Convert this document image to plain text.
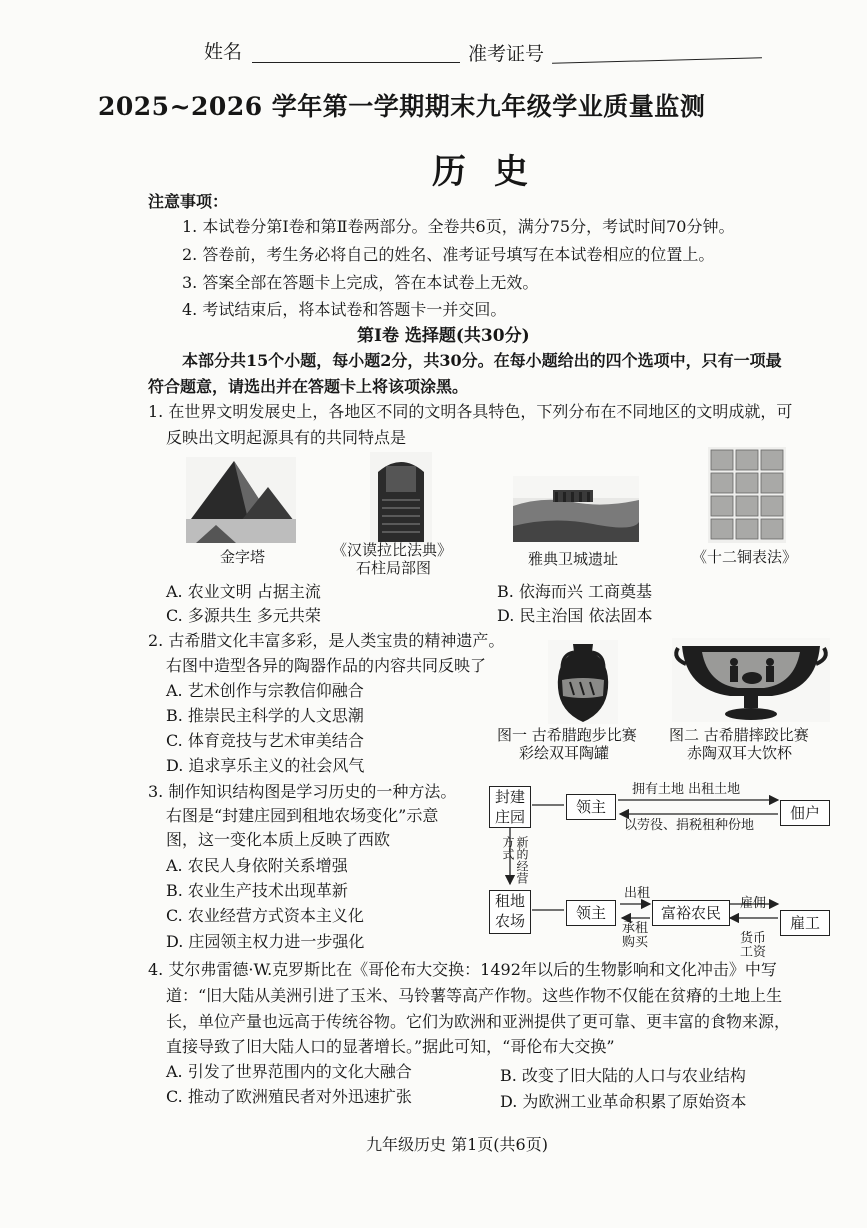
姓名	准考证号
2025~2026 学年第一学期期末九年级学业质量监测
历史
注意事项：
1. 本试卷分第Ⅰ卷和第Ⅱ卷两部分。全卷共6页，满分75分，考试时间70分钟。
2. 答卷前，考生务必将自己的姓名、准考证号填写在本试卷相应的位置上。
3. 答案全部在答题卡上完成，答在本试卷上无效。
4. 考试结束后，将本试卷和答题卡一并交回。
第Ⅰ卷 选择题(共30分)
本部分共15个小题，每小题2分，共30分。在每小题给出的四个选项中，只有一项最
符合题意，请选出并在答题卡上将该项涂黑。
1. 在世界文明发展史上，各地区不同的文明各具特色，下列分布在不同地区的文明成就，可
反映出文明起源具有的共同特点是
金字塔	《汉谟拉比法典》
石柱局部图	雅典卫城遗址	《十二铜表法》
A. 农业文明 占据主流	B. 依海而兴 工商奠基
C. 多源共生 多元共荣	D. 民主治国 依法固本
2. 古希腊文化丰富多彩，是人类宝贵的精神遗产。
右图中造型各异的陶器作品的内容共同反映了
A. 艺术创作与宗教信仰融合
B. 推崇民主科学的人文思潮
C. 体育竞技与艺术审美结合
D. 追求享乐主义的社会风气
图一 古希腊跑步比赛
彩绘双耳陶罐
图二 古希腊摔跤比赛
赤陶双耳大饮杯
3. 制作知识结构图是学习历史的一种方法。
右图是“封建庄园到租地农场变化”示意
图，这一变化本质上反映了西欧
A. 农民人身依附关系增强
B. 农业生产技术出现革新
C. 农业经营方式资本主义化
D. 庄园领主权力进一步强化
封建庄园
领主	佃户
拥有土地 出租土地
以劳役、捐税租种份地
新的经营方式
租地农场	领主	富裕农民
雇工
出租
承租购买
雇佣
货币工资
4. 艾尔弗雷德·W.克罗斯比在《哥伦布大交换：1492年以后的生物影响和文化冲击》中写
道：“旧大陆从美洲引进了玉米、马铃薯等高产作物。这些作物不仅能在贫瘠的土地上生
长，单位产量也远高于传统谷物。它们为欧洲和亚洲提供了更可靠、更丰富的食物来源，
直接导致了旧大陆人口的显著增长。”据此可知，“哥伦布大交换”
A. 引发了世界范围内的文化大融合	B. 改变了旧大陆的人口与农业结构
C. 推动了欧洲殖民者对外迅速扩张	D. 为欧洲工业革命积累了原始资本
九年级历史 第1页(共6页)
